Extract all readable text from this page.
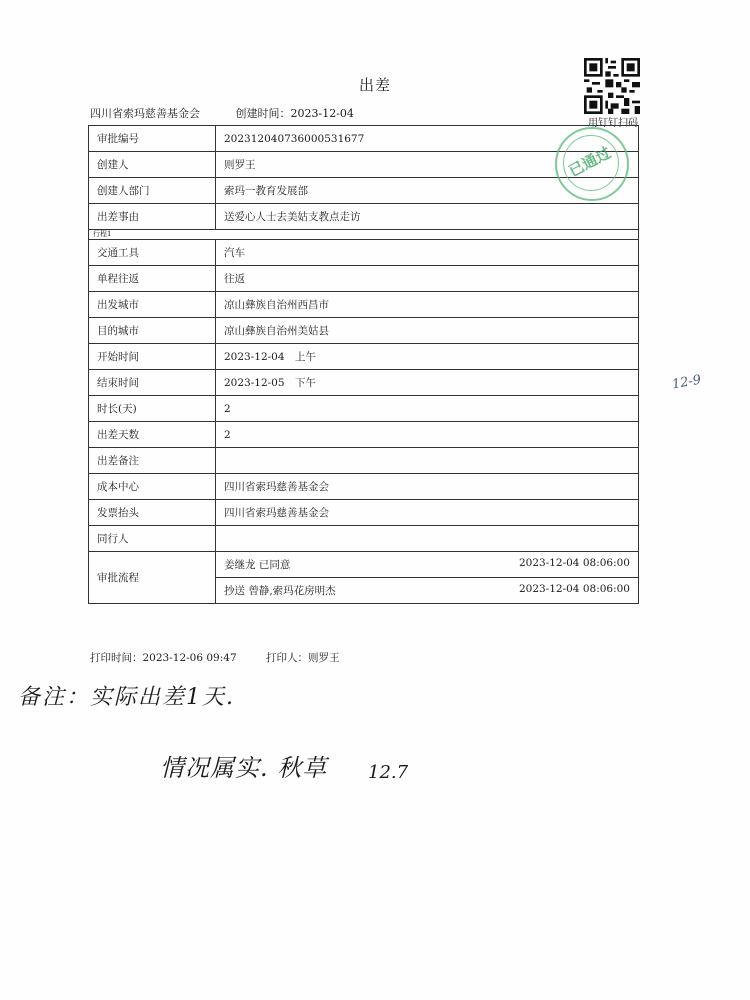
出差
四川省索玛慈善基金会	创建时间：2023-12-04
用钉钉扫码
审批编号	202312040736000531677
创建人	则罗王
创建人部门	索玛一教育发展部
出差事由	送爱心人士去美姑支教点走访
行程1	
交通工具	汽车
单程往返	往返
出发城市	凉山彝族自治州西昌市
目的城市	凉山彝族自治州美姑县
开始时间	2023-12-04　上午
结束时间	2023-12-05　下午
时长(天)	2
出差天数	2
出差备注	
成本中心	四川省索玛慈善基金会
发票抬头	四川省索玛慈善基金会
同行人	
审批流程	姜继龙 已同意 2023-12-04 08:06:00

	抄送 曾静,索玛花房明杰 2023-12-04 08:06:00
已通过
打印时间：2023-12-06 09:47	打印人：则罗王
12-9
备注：实际出差1天.
情况属实. 秋草 12.7
